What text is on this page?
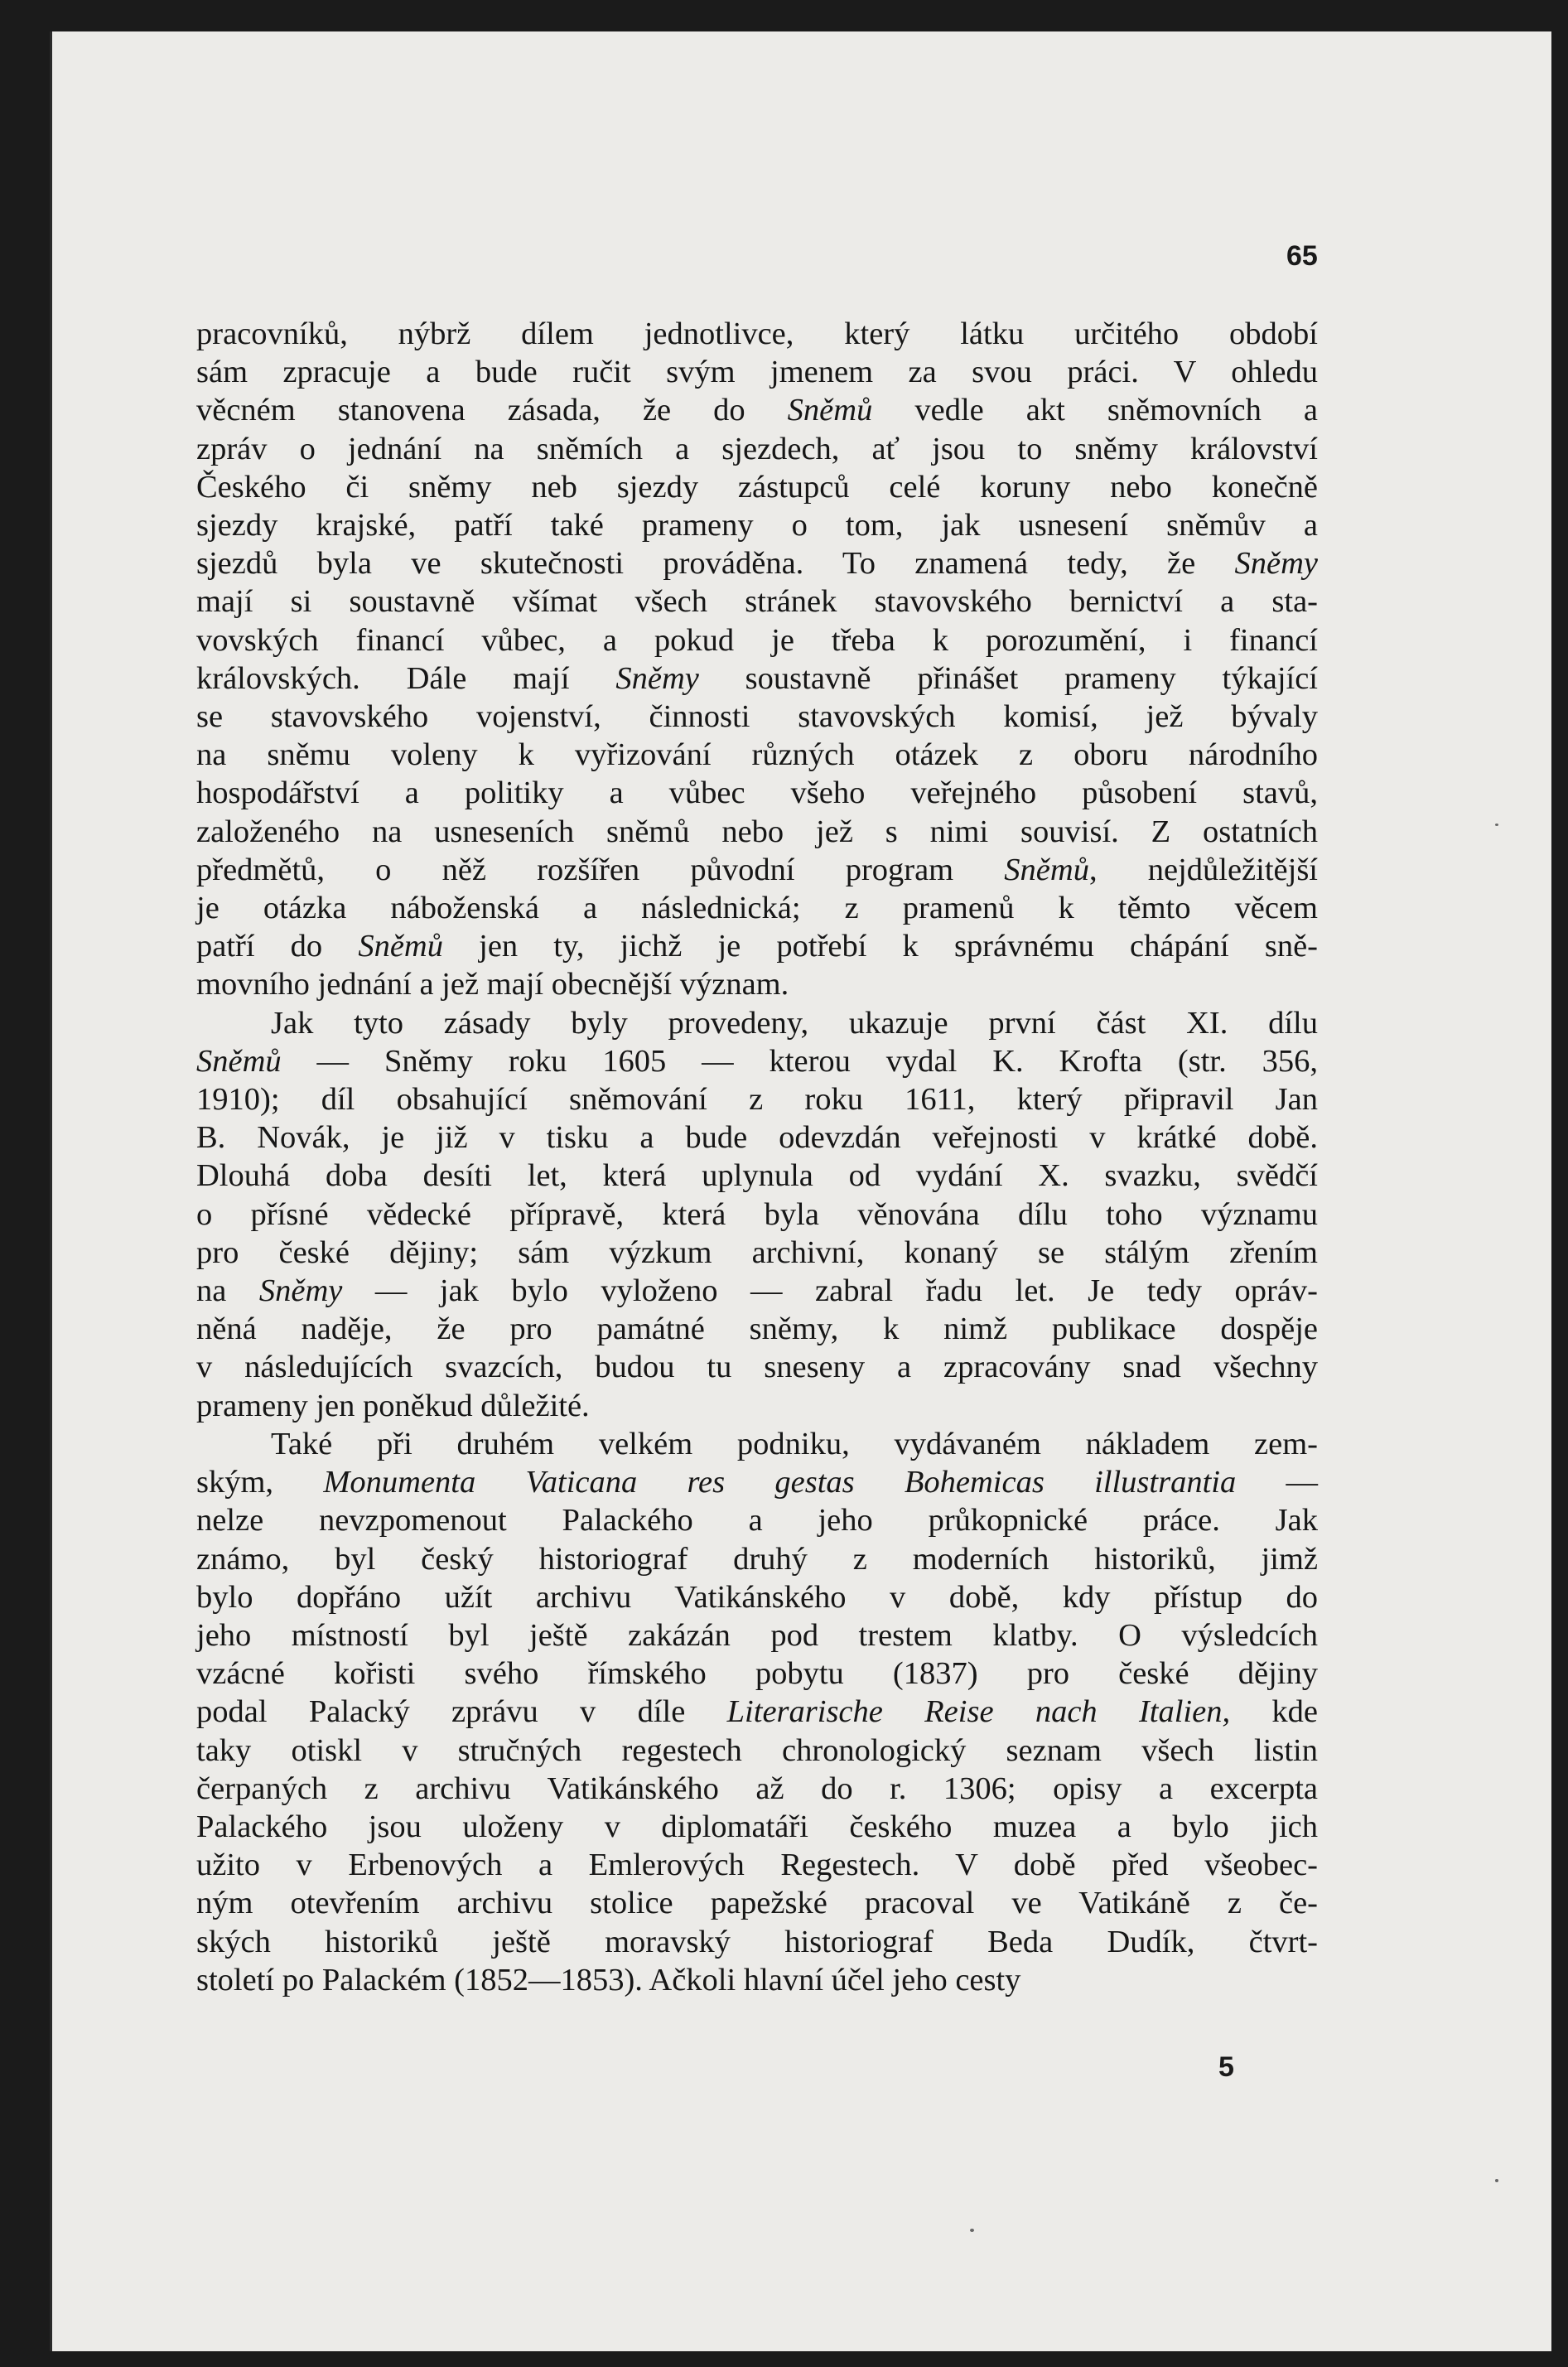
65
pracovníků, nýbrž dílem jednotlivce, který látku určitého období
sám zpracuje a bude ručit svým jmenem za svou práci. V ohledu
věcném stanovena zásada, že do Sněmů vedle akt sněmovních a
zpráv o jednání na sněmích a sjezdech, ať jsou to sněmy království
Českého či sněmy neb sjezdy zástupců celé koruny nebo konečně
sjezdy krajské, patří také prameny o tom, jak usnesení sněmův a
sjezdů byla ve skutečnosti prováděna. To znamená tedy, že Sněmy
mají si soustavně všímat všech stránek stavovského bernictví a sta-
vovských financí vůbec, a pokud je třeba k porozumění, i financí
královských. Dále mají Sněmy soustavně přinášet prameny týkající
se stavovského vojenství, činnosti stavovských komisí, jež bývaly
na sněmu voleny k vyřizování různých otázek z oboru národního
hospodářství a politiky a vůbec všeho veřejného působení stavů,
založeného na usneseních sněmů nebo jež s nimi souvisí. Z ostatních
předmětů, o něž rozšířen původní program Sněmů, nejdůležitější
je otázka náboženská a následnická; z pramenů k těmto věcem
patří do Sněmů jen ty, jichž je potřebí k správnému chápání sně-
movního jednání a jež mají obecnější význam.
Jak tyto zásady byly provedeny, ukazuje první část XI. dílu
Sněmů — Sněmy roku 1605 — kterou vydal K. Krofta (str. 356,
1910); díl obsahující sněmování z roku 1611, který připravil Jan
B. Novák, je již v tisku a bude odevzdán veřejnosti v krátké době.
Dlouhá doba desíti let, která uplynula od vydání X. svazku, svědčí
o přísné vědecké přípravě, která byla věnována dílu toho významu
pro české dějiny; sám výzkum archivní, konaný se stálým zřením
na Sněmy — jak bylo vyloženo — zabral řadu let. Je tedy opráv-
něná naděje, že pro památné sněmy, k nimž publikace dospěje
v následujících svazcích, budou tu sneseny a zpracovány snad všechny
prameny jen poněkud důležité.
Také při druhém velkém podniku, vydávaném nákladem zem-
ským, Monumenta Vaticana res gestas Bohemicas illustrantia —
nelze nevzpomenout Palackého a jeho průkopnické práce. Jak
známo, byl český historiograf druhý z moderních historiků, jimž
bylo dopřáno užít archivu Vatikánského v době, kdy přístup do
jeho místností byl ještě zakázán pod trestem klatby. O výsledcích
vzácné kořisti svého římského pobytu (1837) pro české dějiny
podal Palacký zprávu v díle Literarische Reise nach Italien, kde
taky otiskl v stručných regestech chronologický seznam všech listin
čerpaných z archivu Vatikánského až do r. 1306; opisy a excerpta
Palackého jsou uloženy v diplomatáři českého muzea a bylo jich
užito v Erbenových a Emlerových Regestech. V době před všeobec-
ným otevřením archivu stolice papežské pracoval ve Vatikáně z če-
ských historiků ještě moravský historiograf Beda Dudík, čtvrt-
století po Palackém (1852—1853). Ačkoli hlavní účel jeho cesty
5
